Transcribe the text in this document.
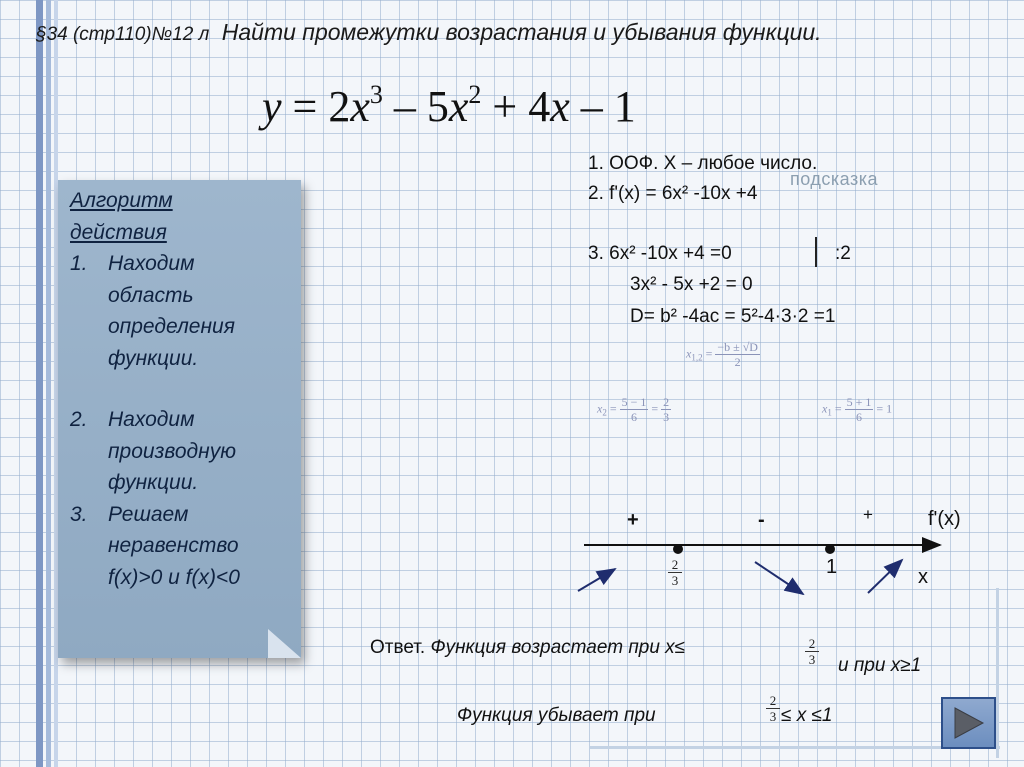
§34 (стр110)№12 л Найти промежутки возрастания и убывания функции.
$y = 2x^3 - 5x^2 + 4x - 1$
Алгоритм
действия
1. Находим
область
определения
функции.
2. Находим
производную
функции.
3. Решаем
неравенство
f(x)>0 и f(x)<0
1. ООФ. Х – любое число.
подсказка
2. f'(x) = 6x² -10x +4
3. 6x² -10x +4 =0	:2
3x² - 5x +2 = 0
D= b² -4ac = 5²-4·3·2 =1
$x_{1,2} = \frac{-b \pm √D}{2}$
$x_2 = \frac{5 - 1}{6} = \frac{2}{3}$	$x_1 = \frac{5 + 1}{6} = 1$
+	-	+	f'(x)
1	x
$\frac{2}{3}$
Ответ. Функция возрастает при x≤	$\frac{2}{3}$ и при x≥1
Функция убывает при	$\frac{2}{3} \le x \le 1$
